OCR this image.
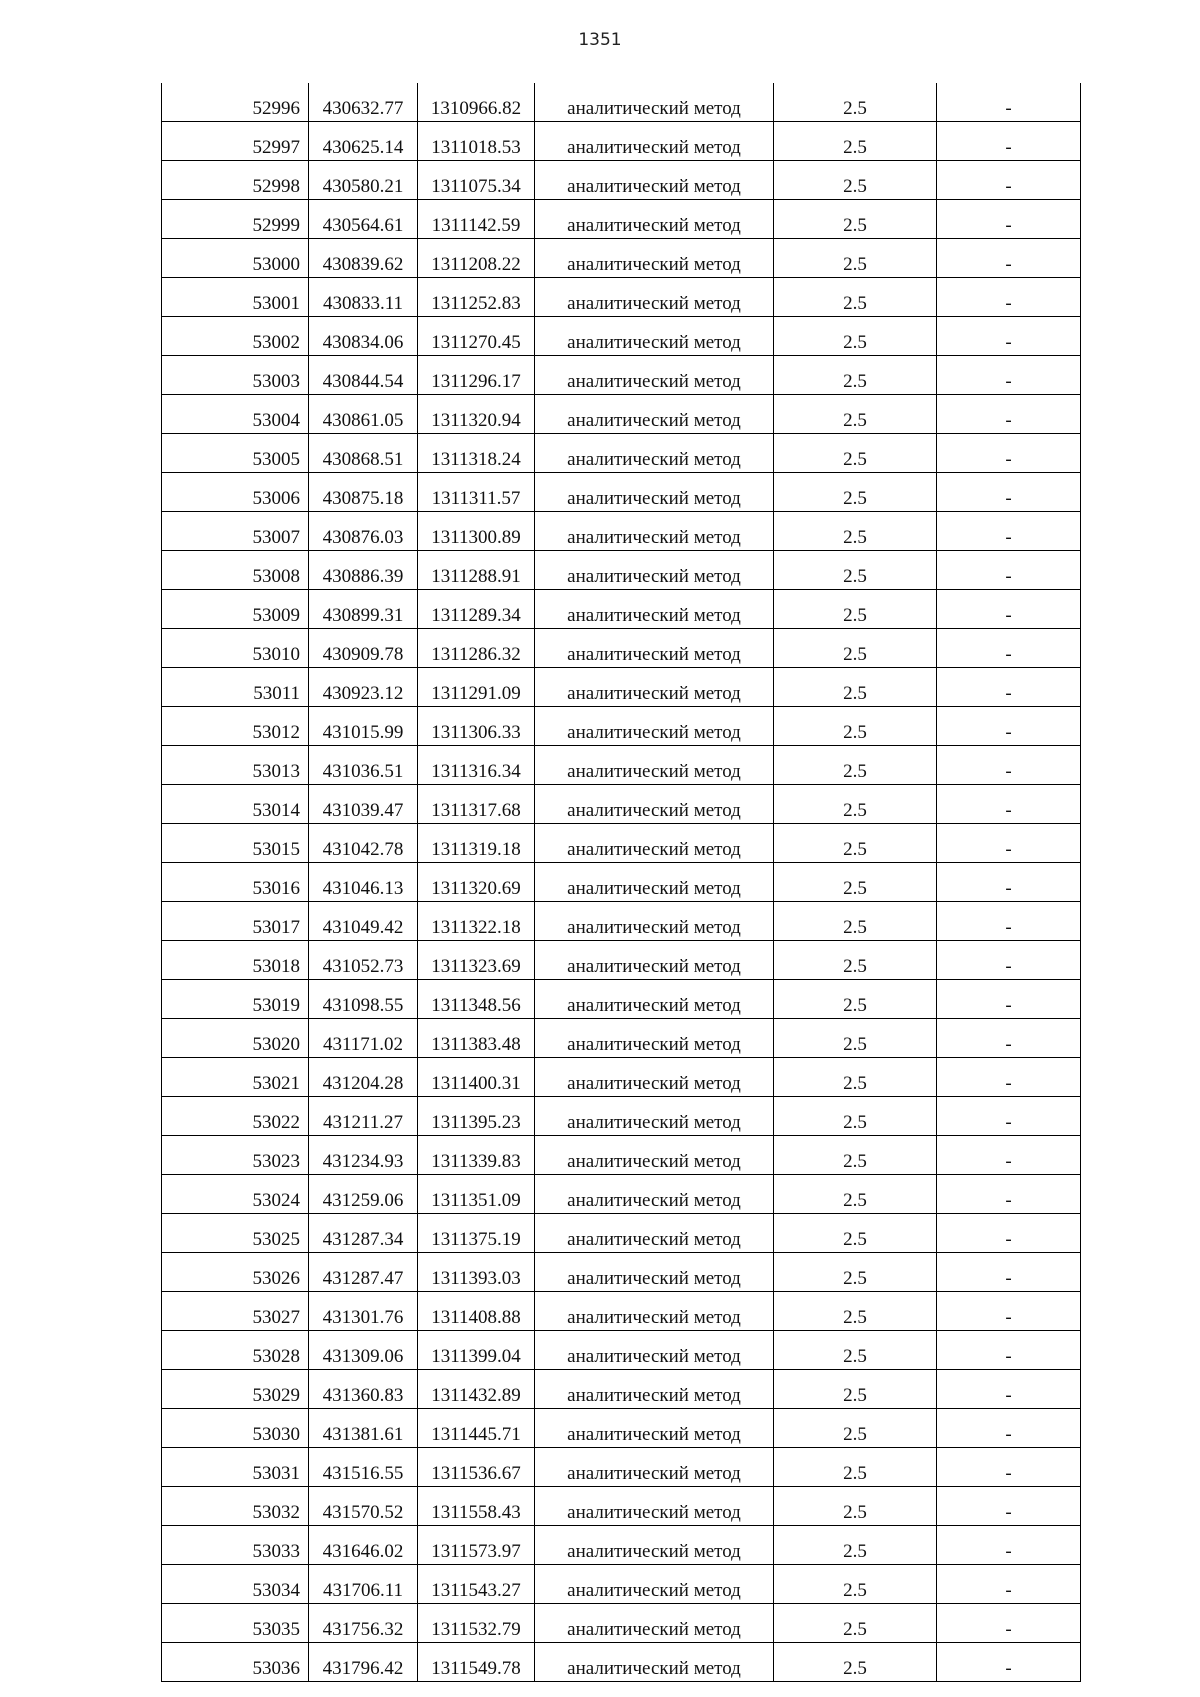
1351
52996	430632.77	1310966.82	аналитический метод	2.5	-
52997	430625.14	1311018.53	аналитический метод	2.5	-
52998	430580.21	1311075.34	аналитический метод	2.5	-
52999	430564.61	1311142.59	аналитический метод	2.5	-
53000	430839.62	1311208.22	аналитический метод	2.5	-
53001	430833.11	1311252.83	аналитический метод	2.5	-
53002	430834.06	1311270.45	аналитический метод	2.5	-
53003	430844.54	1311296.17	аналитический метод	2.5	-
53004	430861.05	1311320.94	аналитический метод	2.5	-
53005	430868.51	1311318.24	аналитический метод	2.5	-
53006	430875.18	1311311.57	аналитический метод	2.5	-
53007	430876.03	1311300.89	аналитический метод	2.5	-
53008	430886.39	1311288.91	аналитический метод	2.5	-
53009	430899.31	1311289.34	аналитический метод	2.5	-
53010	430909.78	1311286.32	аналитический метод	2.5	-
53011	430923.12	1311291.09	аналитический метод	2.5	-
53012	431015.99	1311306.33	аналитический метод	2.5	-
53013	431036.51	1311316.34	аналитический метод	2.5	-
53014	431039.47	1311317.68	аналитический метод	2.5	-
53015	431042.78	1311319.18	аналитический метод	2.5	-
53016	431046.13	1311320.69	аналитический метод	2.5	-
53017	431049.42	1311322.18	аналитический метод	2.5	-
53018	431052.73	1311323.69	аналитический метод	2.5	-
53019	431098.55	1311348.56	аналитический метод	2.5	-
53020	431171.02	1311383.48	аналитический метод	2.5	-
53021	431204.28	1311400.31	аналитический метод	2.5	-
53022	431211.27	1311395.23	аналитический метод	2.5	-
53023	431234.93	1311339.83	аналитический метод	2.5	-
53024	431259.06	1311351.09	аналитический метод	2.5	-
53025	431287.34	1311375.19	аналитический метод	2.5	-
53026	431287.47	1311393.03	аналитический метод	2.5	-
53027	431301.76	1311408.88	аналитический метод	2.5	-
53028	431309.06	1311399.04	аналитический метод	2.5	-
53029	431360.83	1311432.89	аналитический метод	2.5	-
53030	431381.61	1311445.71	аналитический метод	2.5	-
53031	431516.55	1311536.67	аналитический метод	2.5	-
53032	431570.52	1311558.43	аналитический метод	2.5	-
53033	431646.02	1311573.97	аналитический метод	2.5	-
53034	431706.11	1311543.27	аналитический метод	2.5	-
53035	431756.32	1311532.79	аналитический метод	2.5	-
53036	431796.42	1311549.78	аналитический метод	2.5	-
